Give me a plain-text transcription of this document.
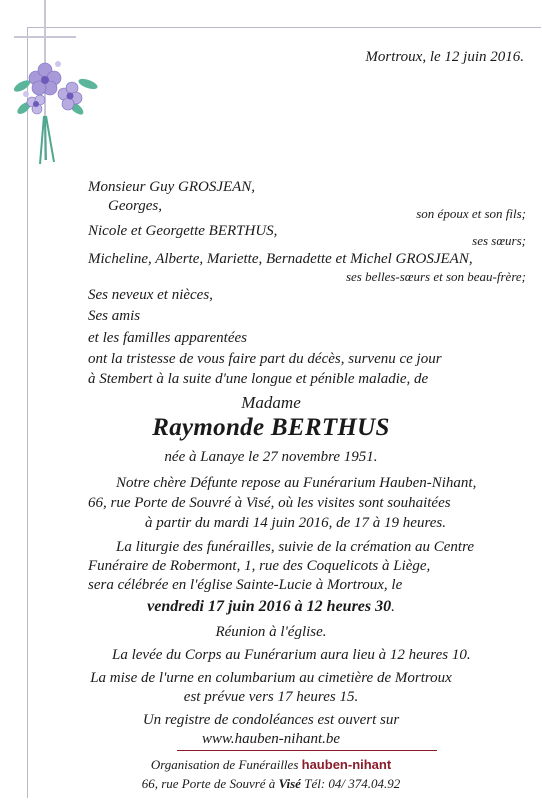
Mortroux, le 12 juin 2016.
Monsieur Guy GROSJEAN,
Georges,	son époux et son fils;
Nicole et Georgette BERTHUS,
ses sœurs;
Micheline, Alberte, Mariette, Bernadette et Michel GROSJEAN,
ses belles-sœurs et son beau-frère;
Ses neveux et nièces,
Ses amis
et les familles apparentées
ont la tristesse de vous faire part du décès, survenu ce jour
à Stembert à la suite d'une longue et pénible maladie, de
Madame
Raymonde BERTHUS
née à Lanaye le 27 novembre 1951.
Notre chère Défunte repose au Funérarium Hauben-Nihant,
66, rue Porte de Souvré à Visé, où les visites sont souhaitées
à partir du mardi 14 juin 2016, de 17 à 19 heures.
La liturgie des funérailles, suivie de la crémation au Centre
Funéraire de Robermont, 1, rue des Coquelicots à Liège,
sera célébrée en l'église Sainte-Lucie à Mortroux, le
vendredi 17 juin 2016 à 12 heures 30.
Réunion à l'église.
La levée du Corps au Funérarium aura lieu à 12 heures 10.
La mise de l'urne en columbarium au cimetière de Mortroux
est prévue vers 17 heures 15.
Un registre de condoléances est ouvert sur
www.hauben-nihant.be
Organisation de Funérailles hauben-nihant
66, rue Porte de Souvré à Visé Tél: 04/ 374.04.92
